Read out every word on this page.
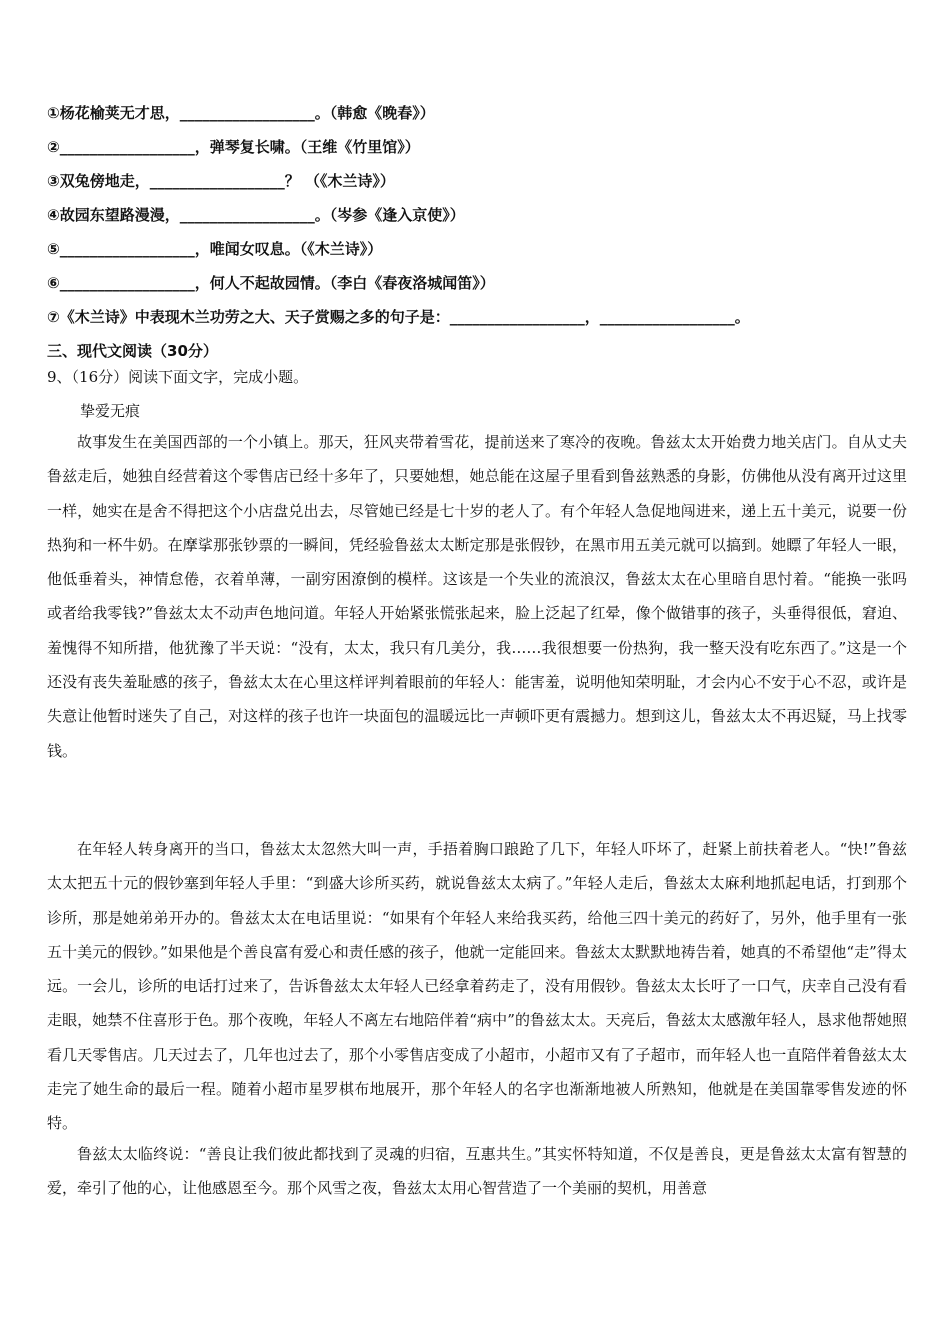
①杨花榆荚无才思，__________________。（韩愈《晚春》）
②__________________，弹琴复长啸。（王维《竹里馆》）
③双兔傍地走，__________________？ （《木兰诗》）
④故园东望路漫漫，__________________。（岑参《逢入京使》）
⑤__________________，唯闻女叹息。（《木兰诗》）
⑥__________________，何人不起故园情。（李白《春夜洛城闻笛》）
⑦《木兰诗》中表现木兰功劳之大、天子赏赐之多的句子是：__________________，__________________。
三、现代文阅读（30分）
9、（16分）阅读下面文字，完成小题。
挚爱无痕

故事发生在美国西部的一个小镇上。那天，狂风夹带着雪花，提前送来了寒冷的夜晚。鲁兹太太开始费力地关店门。自从丈夫鲁兹走后，她独自经营着这个零售店已经十多年了，只要她想，她总能在这屋子里看到鲁兹熟悉的身影，仿佛他从没有离开过这里一样，她实在是舍不得把这个小店盘兑出去，尽管她已经是七十岁的老人了。有个年轻人急促地闯进来，递上五十美元，说要一份热狗和一杯牛奶。在摩挲那张钞票的一瞬间，凭经验鲁兹太太断定那是张假钞，在黑市用五美元就可以搞到。她瞟了年轻人一眼，他低垂着头，神情怠倦，衣着单薄，一副穷困潦倒的模样。这该是一个失业的流浪汉，鲁兹太太在心里暗自思忖着。“能换一张吗或者给我零钱?”鲁兹太太不动声色地问道。年轻人开始紧张慌张起来，脸上泛起了红晕，像个做错事的孩子，头垂得很低，窘迫、羞愧得不知所措，他犹豫了半天说：“没有，太太，我只有几美分，我……我很想要一份热狗，我一整天没有吃东西了。”这是一个还没有丧失羞耻感的孩子，鲁兹太太在心里这样评判着眼前的年轻人：能害羞，说明他知荣明耻，才会内心不安于心不忍，或许是失意让他暂时迷失了自己，对这样的孩子也许一块面包的温暖远比一声顿吓更有震撼力。想到这儿，鲁兹太太不再迟疑，马上找零钱。

在年轻人转身离开的当口，鲁兹太太忽然大叫一声，手捂着胸口踉跄了几下，年轻人吓坏了，赶紧上前扶着老人。“快!”鲁兹太太把五十元的假钞塞到年轻人手里：“到盛大诊所买药，就说鲁兹太太病了。”年轻人走后，鲁兹太太麻利地抓起电话，打到那个诊所，那是她弟弟开办的。鲁兹太太在电话里说：“如果有个年轻人来给我买药，给他三四十美元的药好了，另外，他手里有一张五十美元的假钞。”如果他是个善良富有爱心和责任感的孩子，他就一定能回来。鲁兹太太默默地祷告着，她真的不希望他“走”得太远。一会儿，诊所的电话打过来了，告诉鲁兹太太年轻人已经拿着药走了，没有用假钞。鲁兹太太长吁了一口气，庆幸自己没有看走眼，她禁不住喜形于色。那个夜晚，年轻人不离左右地陪伴着“病中”的鲁兹太太。天亮后，鲁兹太太感激年轻人，恳求他帮她照看几天零售店。几天过去了，几年也过去了，那个小零售店变成了小超市，小超市又有了子超市，而年轻人也一直陪伴着鲁兹太太走完了她生命的最后一程。随着小超市星罗棋布地展开，那个年轻人的名字也渐渐地被人所熟知，他就是在美国靠零售发迹的怀特。

鲁兹太太临终说：“善良让我们彼此都找到了灵魂的归宿，互惠共生。”其实怀特知道，不仅是善良，更是鲁兹太太富有智慧的爱，牵引了他的心，让他感恩至今。那个风雪之夜，鲁兹太太用心智营造了一个美丽的契机，用善意
